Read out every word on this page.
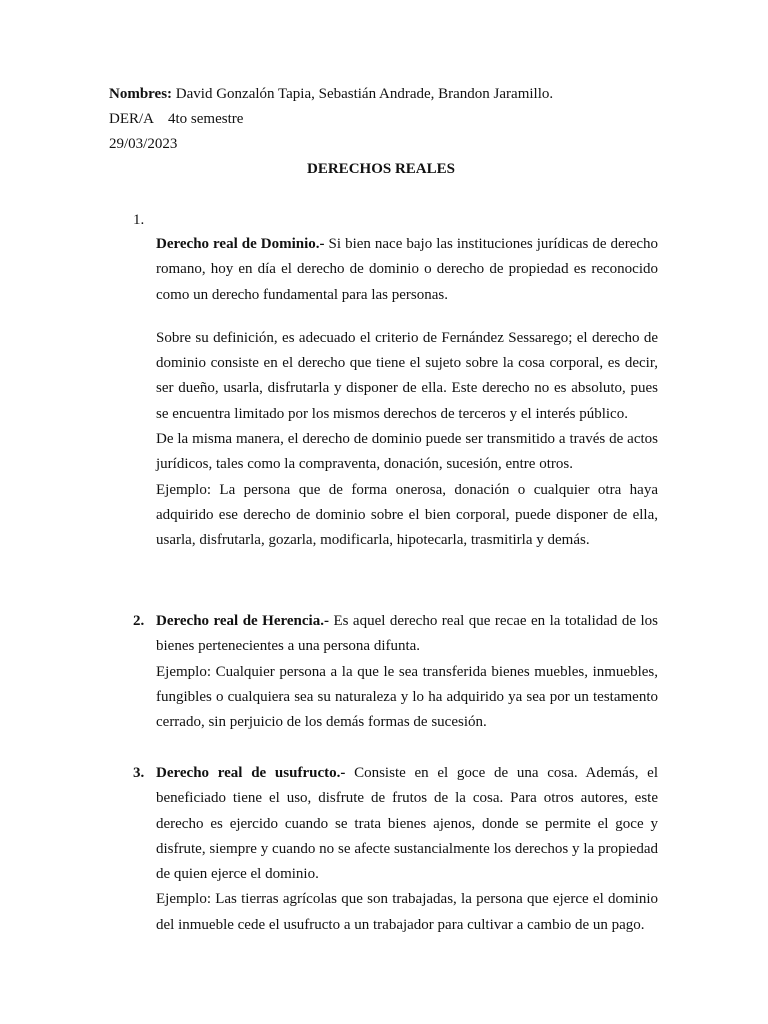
Nombres: David Gonzalón Tapia, Sebastián Andrade, Brandon Jaramillo.
DER/A 4to semestre
29/03/2023
DERECHOS REALES
1.

Derecho real de Dominio.- Si bien nace bajo las instituciones jurídicas de derecho romano, hoy en día el derecho de dominio o derecho de propiedad es reconocido como un derecho fundamental para las personas.

Sobre su definición, es adecuado el criterio de Fernández Sessarego; el derecho de dominio consiste en el derecho que tiene el sujeto sobre la cosa corporal, es decir, ser dueño, usarla, disfrutarla y disponer de ella. Este derecho no es absoluto, pues se encuentra limitado por los mismos derechos de terceros y el interés público.

De la misma manera, el derecho de dominio puede ser transmitido a través de actos jurídicos, tales como la compraventa, donación, sucesión, entre otros.

Ejemplo: La persona que de forma onerosa, donación o cualquier otra haya adquirido ese derecho de dominio sobre el bien corporal, puede disponer de ella, usarla, disfrutarla, gozarla, modificarla, hipotecarla, trasmitirla y demás.

2. Derecho real de Herencia.- Es aquel derecho real que recae en la totalidad de los bienes pertenecientes a una persona difunta.

Ejemplo: Cualquier persona a la que le sea transferida bienes muebles, inmuebles, fungibles o cualquiera sea su naturaleza y lo ha adquirido ya sea por un testamento cerrado, sin perjuicio de los demás formas de sucesión.

3. Derecho real de usufructo.- Consiste en el goce de una cosa. Además, el beneficiado tiene el uso, disfrute de frutos de la cosa. Para otros autores, este derecho es ejercido cuando se trata bienes ajenos, donde se permite el goce y disfrute, siempre y cuando no se afecte sustancialmente los derechos y la propiedad de quien ejerce el dominio.

Ejemplo: Las tierras agrícolas que son trabajadas, la persona que ejerce el dominio del inmueble cede el usufructo a un trabajador para cultivar a cambio de un pago.
